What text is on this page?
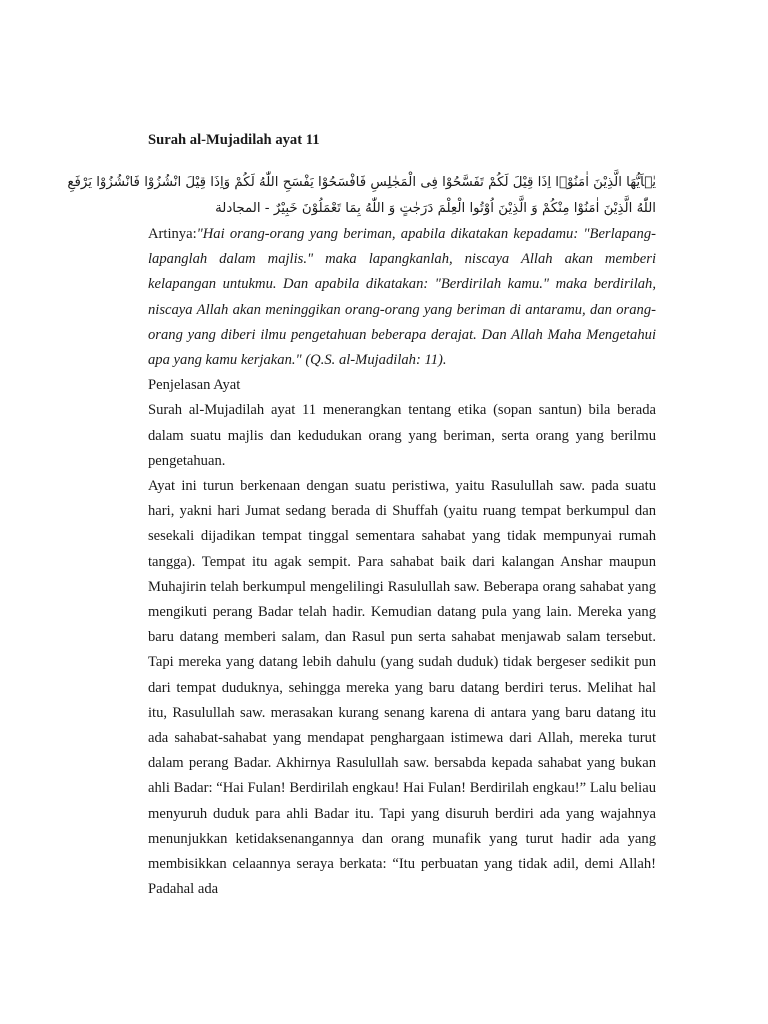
Surah al-Mujadilah ayat 11

يٰۤاَيُّهَا الَّذِيْنَ اٰمَنُوْۤا اِذَا قِيْلَ لَكُمْ تَفَسَّحُوْا فِى الْمَجٰلِسِ فَافْسَحُوْا يَفْسَحِ اللّٰهُ لَكُمْ وَاِذَا قِيْلَ انْشُزُوْا فَانْشُزُوْا يَرْفَعِ

اللّٰهُ الَّذِيْنَ اٰمَنُوْا مِنْكُمْ وَ الَّذِيْنَ اُوْتُوا الْعِلْمَ دَرَجٰتٍ وَ اللّٰهُ بِمَا تَعْمَلُوْنَ خَبِيْرٌ - المجادلة

Artinya:"Hai orang-orang yang beriman, apabila dikatakan kepadamu: "Berlapang-lapanglah dalam majlis." maka lapangkanlah, niscaya Allah akan memberi kelapangan untukmu. Dan apabila dikatakan: "Berdirilah kamu." maka berdirilah, niscaya Allah akan meninggikan orang-orang yang beriman di antaramu, dan orang-orang yang diberi ilmu pengetahuan beberapa derajat. Dan Allah Maha Mengetahui apa yang kamu kerjakan." (Q.S. al-Mujadilah: 11).

Penjelasan Ayat

Surah al-Mujadilah ayat 11 menerangkan tentang etika (sopan santun) bila berada dalam suatu majlis dan kedudukan orang yang beriman, serta orang yang berilmu pengetahuan.

Ayat ini turun berkenaan dengan suatu peristiwa, yaitu Rasulullah saw. pada suatu hari, yakni hari Jumat sedang berada di Shuffah (yaitu ruang tempat berkumpul dan sesekali dijadikan tempat tinggal sementara sahabat yang tidak mempunyai rumah tangga). Tempat itu agak sempit. Para sahabat baik dari kalangan Anshar maupun Muhajirin telah berkumpul mengelilingi Rasulullah saw. Beberapa orang sahabat yang mengikuti perang Badar telah hadir. Kemudian datang pula yang lain. Mereka yang baru datang memberi salam, dan Rasul pun serta sahabat menjawab salam tersebut. Tapi mereka yang datang lebih dahulu (yang sudah duduk) tidak bergeser sedikit pun dari tempat duduknya, sehingga mereka yang baru datang berdiri terus. Melihat hal itu, Rasulullah saw. merasakan kurang senang karena di antara yang baru datang itu ada sahabat-sahabat yang mendapat penghargaan istimewa dari Allah, mereka turut dalam perang Badar. Akhirnya Rasulullah saw. bersabda kepada sahabat yang bukan ahli Badar: “Hai Fulan! Berdirilah engkau! Hai Fulan! Berdirilah engkau!” Lalu beliau menyuruh duduk para ahli Badar itu. Tapi yang disuruh berdiri ada yang wajahnya menunjukkan ketidaksenangannya dan orang munafik yang turut hadir ada yang membisikkan celaannya seraya berkata: “Itu perbuatan yang tidak adil, demi Allah! Padahal ada
